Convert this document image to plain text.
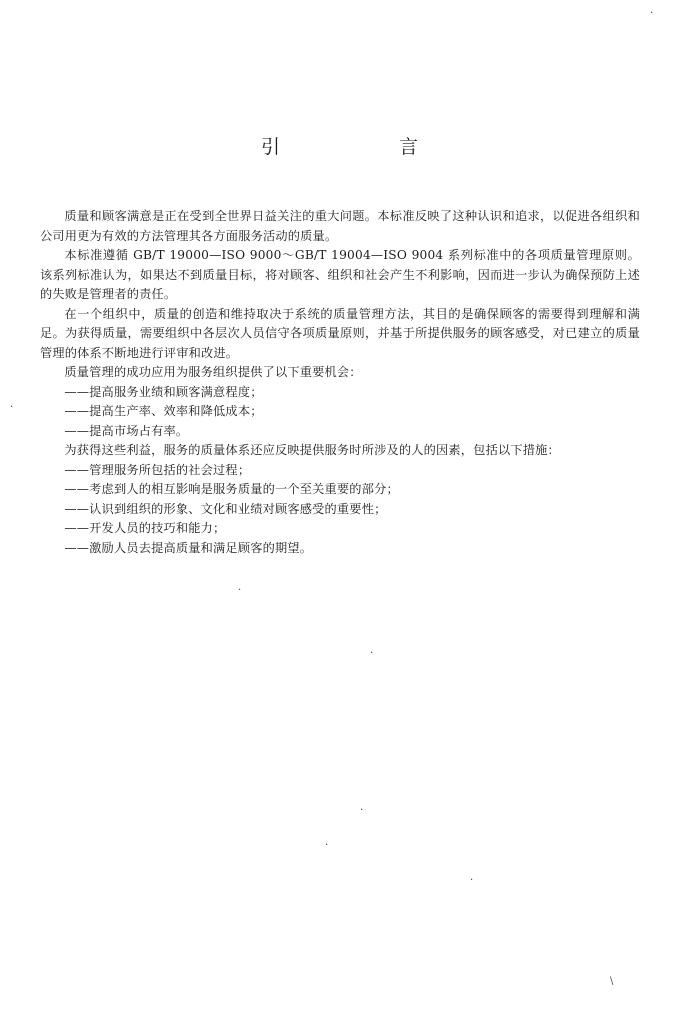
引　言

质量和顾客满意是正在受到全世界日益关注的重大问题。本标准反映了这种认识和追求，以促进各组织和公司用更为有效的方法管理其各方面服务活动的质量。

本标准遵循 GB/T 19000—ISO 9000～GB/T 19004—ISO 9004 系列标准中的各项质量管理原则。该系列标准认为，如果达不到质量目标，将对顾客、组织和社会产生不利影响，因而进一步认为确保预防上述的失败是管理者的责任。

在一个组织中，质量的创造和维持取决于系统的质量管理方法，其目的是确保顾客的需要得到理解和满足。为获得质量，需要组织中各层次人员信守各项质量原则，并基于所提供服务的顾客感受，对已建立的质量管理的体系不断地进行评审和改进。

质量管理的成功应用为服务组织提供了以下重要机会：

——提高服务业绩和顾客满意程度；

——提高生产率、效率和降低成本；

——提高市场占有率。

为获得这些利益，服务的质量体系还应反映提供服务时所涉及的人的因素，包括以下措施：

——管理服务所包括的社会过程；

——考虑到人的相互影响是服务质量的一个至关重要的部分；

——认识到组织的形象、文化和业绩对顾客感受的重要性；

——开发人员的技巧和能力；

——激励人员去提高质量和满足顾客的期望。

\
·
·
·
·
·
·
·
